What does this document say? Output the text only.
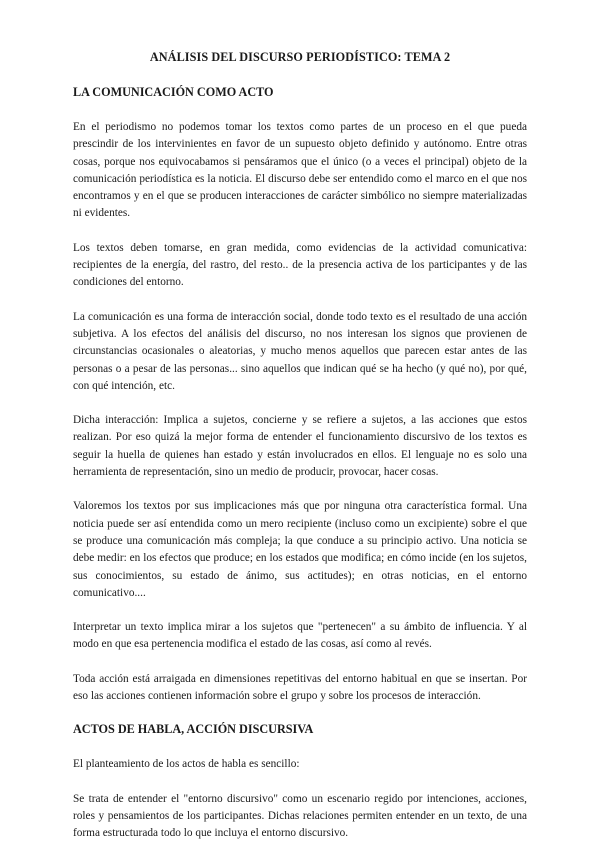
ANÁLISIS DEL DISCURSO PERIODÍSTICO: TEMA 2
LA COMUNICACIÓN COMO ACTO

En el periodismo no podemos tomar los textos como partes de un proceso en el que pueda prescindir de los intervinientes en favor de un supuesto objeto definido y autónomo. Entre otras cosas, porque nos equivocabamos si pensáramos que el único (o a veces el principal) objeto de la comunicación periodística es la noticia. El discurso debe ser entendido como el marco en el que nos encontramos y en el que se producen interacciones de carácter simbólico no siempre materializadas ni evidentes.

Los textos deben tomarse, en gran medida, como evidencias de la actividad comunicativa: recipientes de la energía, del rastro, del resto.. de la presencia activa de los participantes y de las condiciones del entorno.

La comunicación es una forma de interacción social, donde todo texto es el resultado de una acción subjetiva. A los efectos del análisis del discurso, no nos interesan los signos que provienen de circunstancias ocasionales o aleatorias, y mucho menos aquellos que parecen estar antes de las personas o a pesar de las personas... sino aquellos que indican qué se ha hecho (y qué no), por qué, con qué intención, etc.

Dicha interacción: Implica a sujetos, concierne y se refiere a sujetos, a las acciones que estos realizan. Por eso quizá la mejor forma de entender el funcionamiento discursivo de los textos es seguir la huella de quienes han estado y están involucrados en ellos. El lenguaje no es solo una herramienta de representación, sino un medio de producir, provocar, hacer cosas.

Valoremos los textos por sus implicaciones más que por ninguna otra característica formal. Una noticia puede ser así entendida como un mero recipiente (incluso como un excipiente) sobre el que se produce una comunicación más compleja; la que conduce a su principio activo. Una noticia se debe medir: en los efectos que produce; en los estados que modifica; en cómo incide (en los sujetos, sus conocimientos, su estado de ánimo, sus actitudes); en otras noticias, en el entorno comunicativo....

Interpretar un texto implica mirar a los sujetos que "pertenecen" a su ámbito de influencia. Y al modo en que esa pertenencia modifica el estado de las cosas, así como al revés.

Toda acción está arraigada en dimensiones repetitivas del entorno habitual en que se insertan. Por eso las acciones contienen información sobre el grupo y sobre los procesos de interacción.

ACTOS DE HABLA, ACCIÓN DISCURSIVA

El planteamiento de los actos de habla es sencillo:

Se trata de entender el "entorno discursivo" como un escenario regido por intenciones, acciones, roles y pensamientos de los participantes. Dichas relaciones permiten entender en un texto, de una forma estructurada todo lo que incluya el entorno discursivo.
